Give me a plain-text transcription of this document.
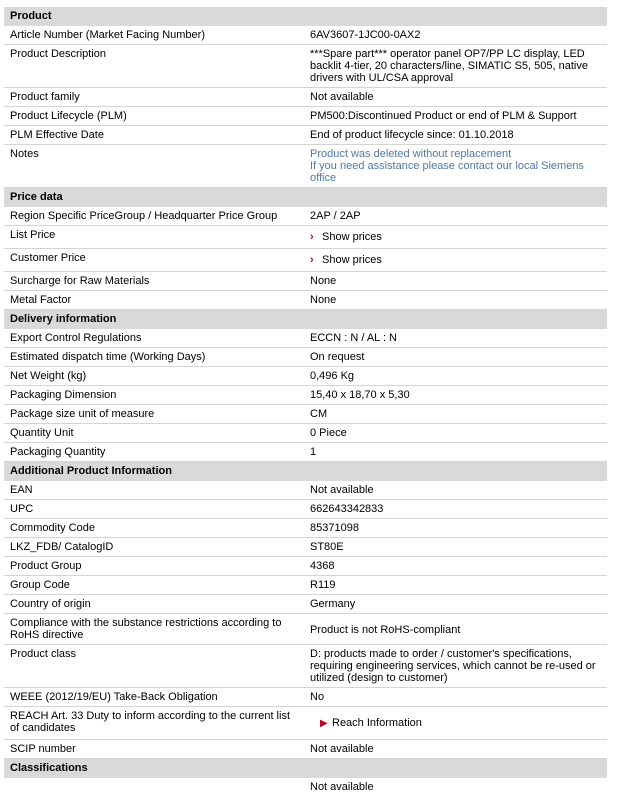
Product
Article Number (Market Facing Number)	6AV3607-1JC00-0AX2
Product Description	***Spare part*** operator panel OP7/PP LC display, LED backlit 4-tier, 20 characters/line, SIMATIC S5, 505, native drivers with UL/CSA approval
Product family	Not available
Product Lifecycle (PLM)	PM500:Discontinued Product or end of PLM & Support
PLM Effective Date	End of product lifecycle since: 01.10.2018
Notes	Product was deleted without replacement
If you need assistance please contact our local Siemens office
Price data
Region Specific PriceGroup / Headquarter Price Group	2AP / 2AP
List Price	› Show prices
Customer Price	› Show prices
Surcharge for Raw Materials	None
Metal Factor	None
Delivery information
Export Control Regulations	ECCN : N / AL : N
Estimated dispatch time (Working Days)	On request
Net Weight (kg)	0,496 Kg
Packaging Dimension	15,40 x 18,70 x 5,30
Package size unit of measure	CM
Quantity Unit	0 Piece
Packaging Quantity	1
Additional Product Information
EAN	Not available
UPC	662643342833
Commodity Code	85371098
LKZ_FDB/ CatalogID	ST80E
Product Group	4368
Group Code	R119
Country of origin	Germany
Compliance with the substance restrictions according to RoHS directive	Product is not RoHS-compliant
Product class	D: products made to order / customer's specifications, requiring engineering services, which cannot be re-used or utilized (design to customer)
WEEE (2012/19/EU) Take-Back Obligation	No
REACH Art. 33 Duty to inform according to the current list of candidates	▶ Reach Information
SCIP number	Not available
Classifications
Not available
